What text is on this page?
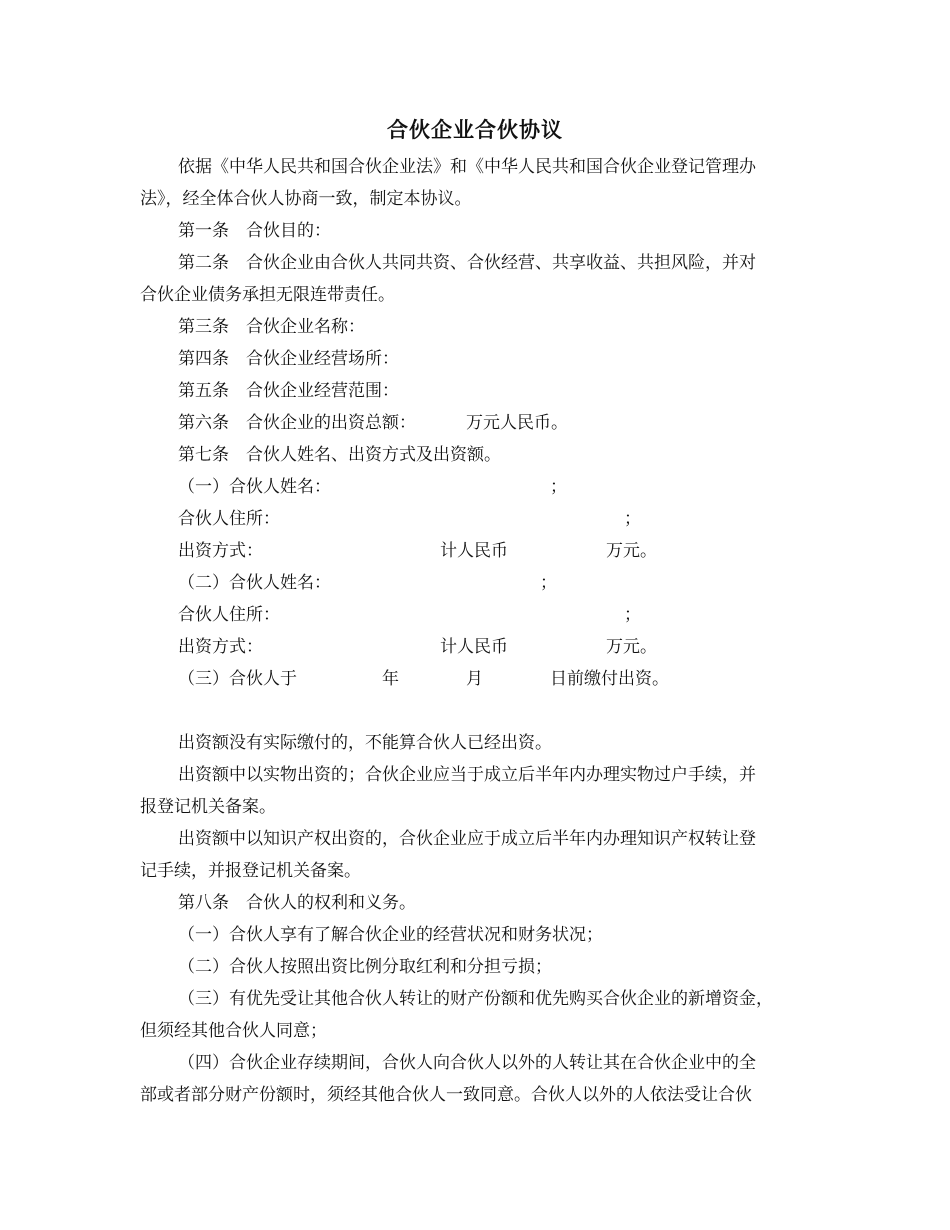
合伙企业合伙协议
依据《中华人民共和国合伙企业法》和《中华人民共和国合伙企业登记管理办
法》，经全体合伙人协商一致，制定本协议。
第一条　合伙目的：
第二条　合伙企业由合伙人共同共资、合伙经营、共享收益、共担风险，并对
合伙企业债务承担无限连带责任。
第三条　合伙企业名称：
第四条　合伙企业经营场所：
第五条　合伙企业经营范围：
第六条　合伙企业的出资总额：	万元人民币。
第七条　合伙人姓名、出资方式及出资额。
（一）合伙人姓名：	；
合伙人住所：	；
出资方式：	计人民币	万元。
（二）合伙人姓名：	；
合伙人住所：	；
出资方式：	计人民币	万元。
（三）合伙人于	年	月	日前缴付出资。
出资额没有实际缴付的，不能算合伙人已经出资。
出资额中以实物出资的；合伙企业应当于成立后半年内办理实物过户手续，并
报登记机关备案。
出资额中以知识产权出资的，合伙企业应于成立后半年内办理知识产权转让登
记手续，并报登记机关备案。
第八条　合伙人的权利和义务。
（一）合伙人享有了解合伙企业的经营状况和财务状况；
（二）合伙人按照出资比例分取红利和分担亏损；
（三）有优先受让其他合伙人转让的财产份额和优先购买合伙企业的新增资金，
但须经其他合伙人同意；
（四）合伙企业存续期间，合伙人向合伙人以外的人转让其在合伙企业中的全
部或者部分财产份额时，须经其他合伙人一致同意。合伙人以外的人依法受让合伙
